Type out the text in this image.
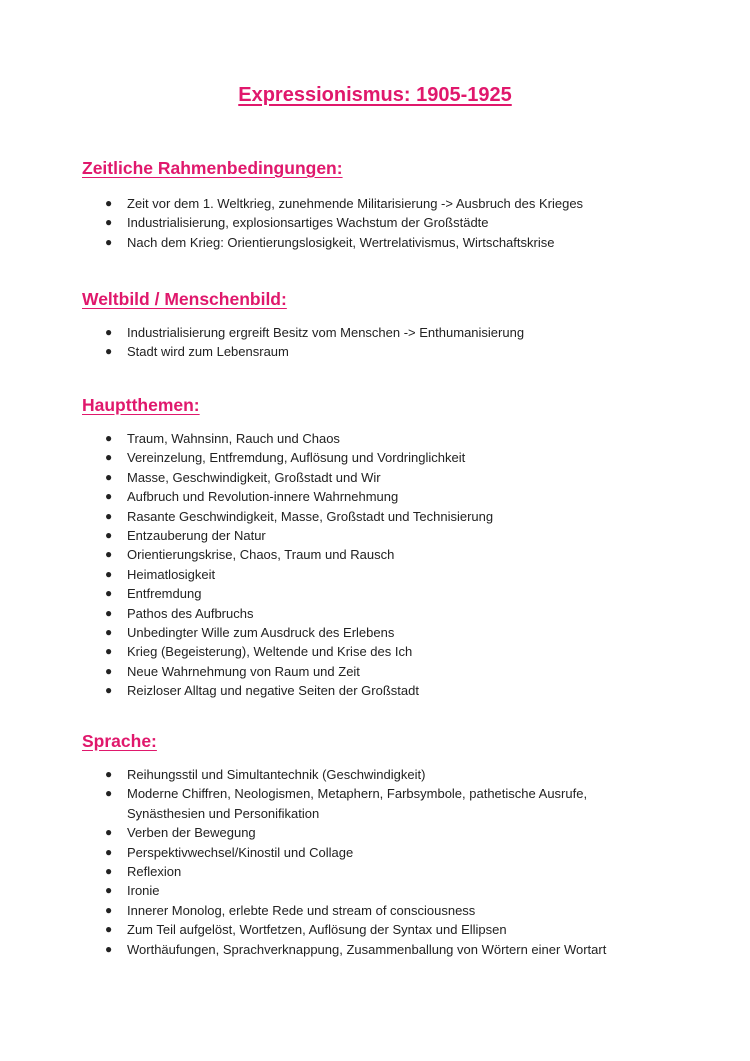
Expressionismus: 1905-1925
Zeitliche Rahmenbedingungen:
● Zeit vor dem 1. Weltkrieg, zunehmende Militarisierung -> Ausbruch des Krieges
● Industrialisierung, explosionsartiges Wachstum der Großstädte
● Nach dem Krieg: Orientierungslosigkeit, Wertrelativismus, Wirtschaftskrise
Weltbild / Menschenbild:
● Industrialisierung ergreift Besitz vom Menschen -> Enthumanisierung
● Stadt wird zum Lebensraum
Hauptthemen:
● Traum, Wahnsinn, Rauch und Chaos
● Vereinzelung, Entfremdung, Auflösung und Vordringlichkeit
● Masse, Geschwindigkeit, Großstadt und Wir
● Aufbruch und Revolution-innere Wahrnehmung
● Rasante Geschwindigkeit, Masse, Großstadt und Technisierung
● Entzauberung der Natur
● Orientierungskrise, Chaos, Traum und Rausch
● Heimatlosigkeit
● Entfremdung
● Pathos des Aufbruchs
● Unbedingter Wille zum Ausdruck des Erlebens
● Krieg (Begeisterung), Weltende und Krise des Ich
● Neue Wahrnehmung von Raum und Zeit
● Reizloser Alltag und negative Seiten der Großstadt
Sprache:
● Reihungsstil und Simultantechnik (Geschwindigkeit)
● Moderne Chiffren, Neologismen, Metaphern, Farbsymbole, pathetische Ausrufe, Synästhesien und Personifikation
● Verben der Bewegung
● Perspektivwechsel/Kinostil und Collage
● Reflexion
● Ironie
● Innerer Monolog, erlebte Rede und stream of consciousness
● Zum Teil aufgelöst, Wortfetzen, Auflösung der Syntax und Ellipsen
● Worthäufungen, Sprachverknappung, Zusammenballung von Wörtern einer Wortart
